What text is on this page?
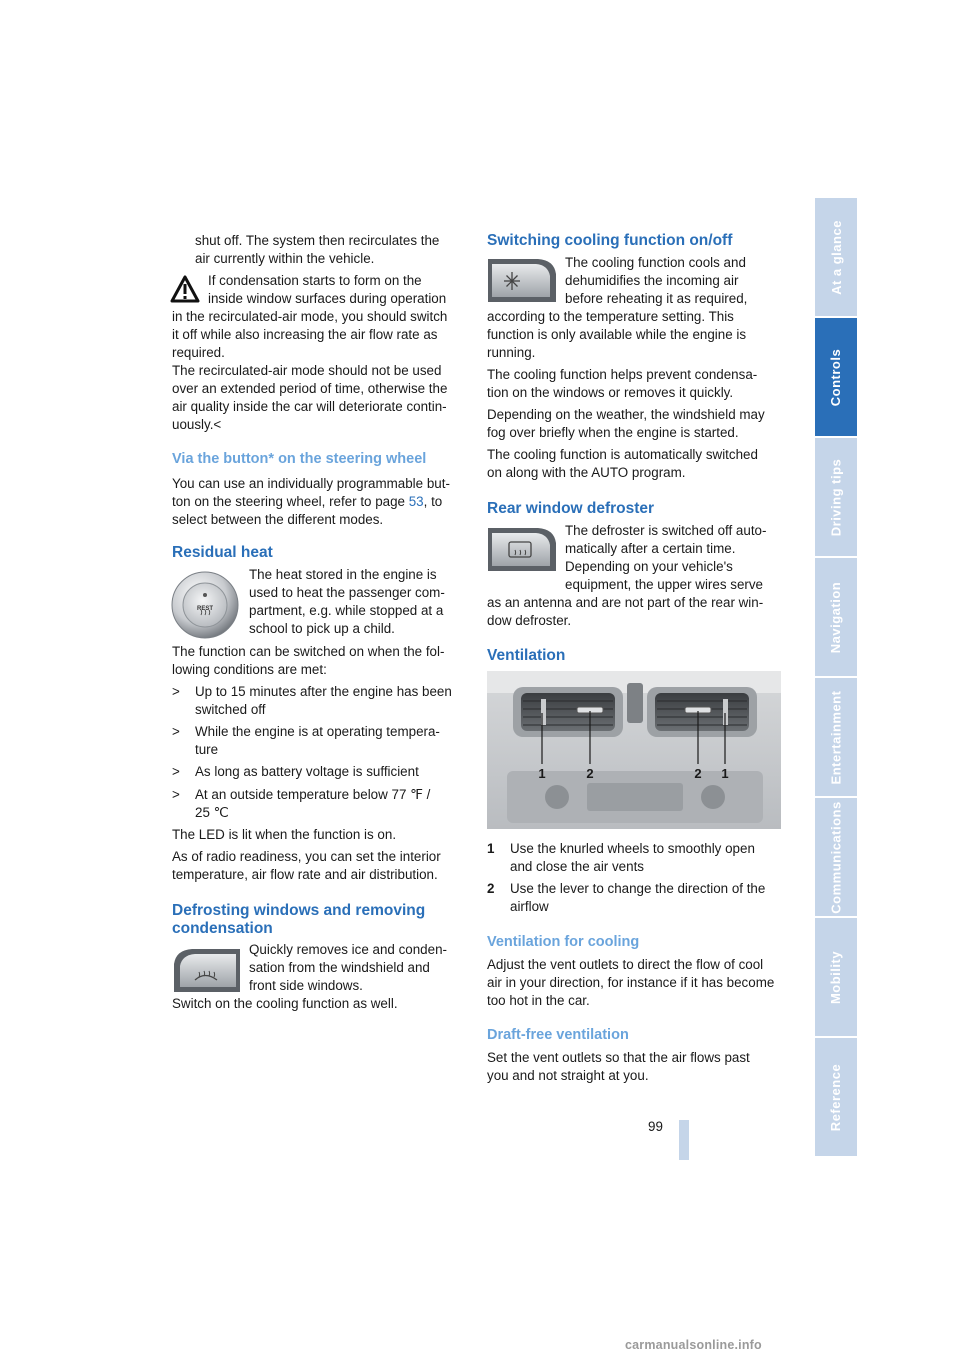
shut off. The system then recirculates the

air currently within the vehicle.

If condensation starts to form on the

inside window surfaces during operation

in the recirculated-air mode, you should switch

it off while also increasing the air flow rate as

required.

The recirculated-air mode should not be used

over an extended period of time, otherwise the

air quality inside the car will deteriorate contin-

uously.<

Via the button* on the steering wheel

You can use an individually programmable but-

ton on the steering wheel, refer to page 53, to

select between the different modes.

Residual heat
REST

The heat stored in the engine is

used to heat the passenger com-

partment, e.g. while stopped at a

school to pick up a child.

The function can be switched on when the fol-

lowing conditions are met:

> Up to 15 minutes after the engine has been

switched off

> While the engine is at operating tempera-

ture

> As long as battery voltage is sufficient

> At an outside temperature below 77 ℉ /

25 ℃

The LED is lit when the function is on.

As of radio readiness, you can set the interior

temperature, air flow rate and air distribution.

Defrosting windows and removing
condensation

Quickly removes ice and conden-

sation from the windshield and

front side windows.

Switch on the cooling function as well.

Switching cooling function on/off

The cooling function cools and

dehumidifies the incoming air

before reheating it as required,

according to the temperature setting. This

function is only available while the engine is

running.

The cooling function helps prevent condensa-

tion on the windows or removes it quickly.

Depending on the weather, the windshield may

fog over briefly when the engine is started.

The cooling function is automatically switched

on along with the AUTO program.

Rear window defroster

The defroster is switched off auto-

matically after a certain time.

Depending on your vehicle's

equipment, the upper wires serve

as an antenna and are not part of the rear win-

dow defroster.

Ventilation
1	2	2 1
1 Use the knurled wheels to smoothly open

and close the air vents

2 Use the lever to change the direction of the

airflow

Ventilation for cooling

Adjust the vent outlets to direct the flow of cool

air in your direction, for instance if it has become

too hot in the car.

Draft-free ventilation

Set the vent outlets so that the air flows past

you and not straight at you.

At a glance
Controls
Driving tips
Navigation
Entertainment
Communications
Mobility
Reference
99
carmanualsonline.info
